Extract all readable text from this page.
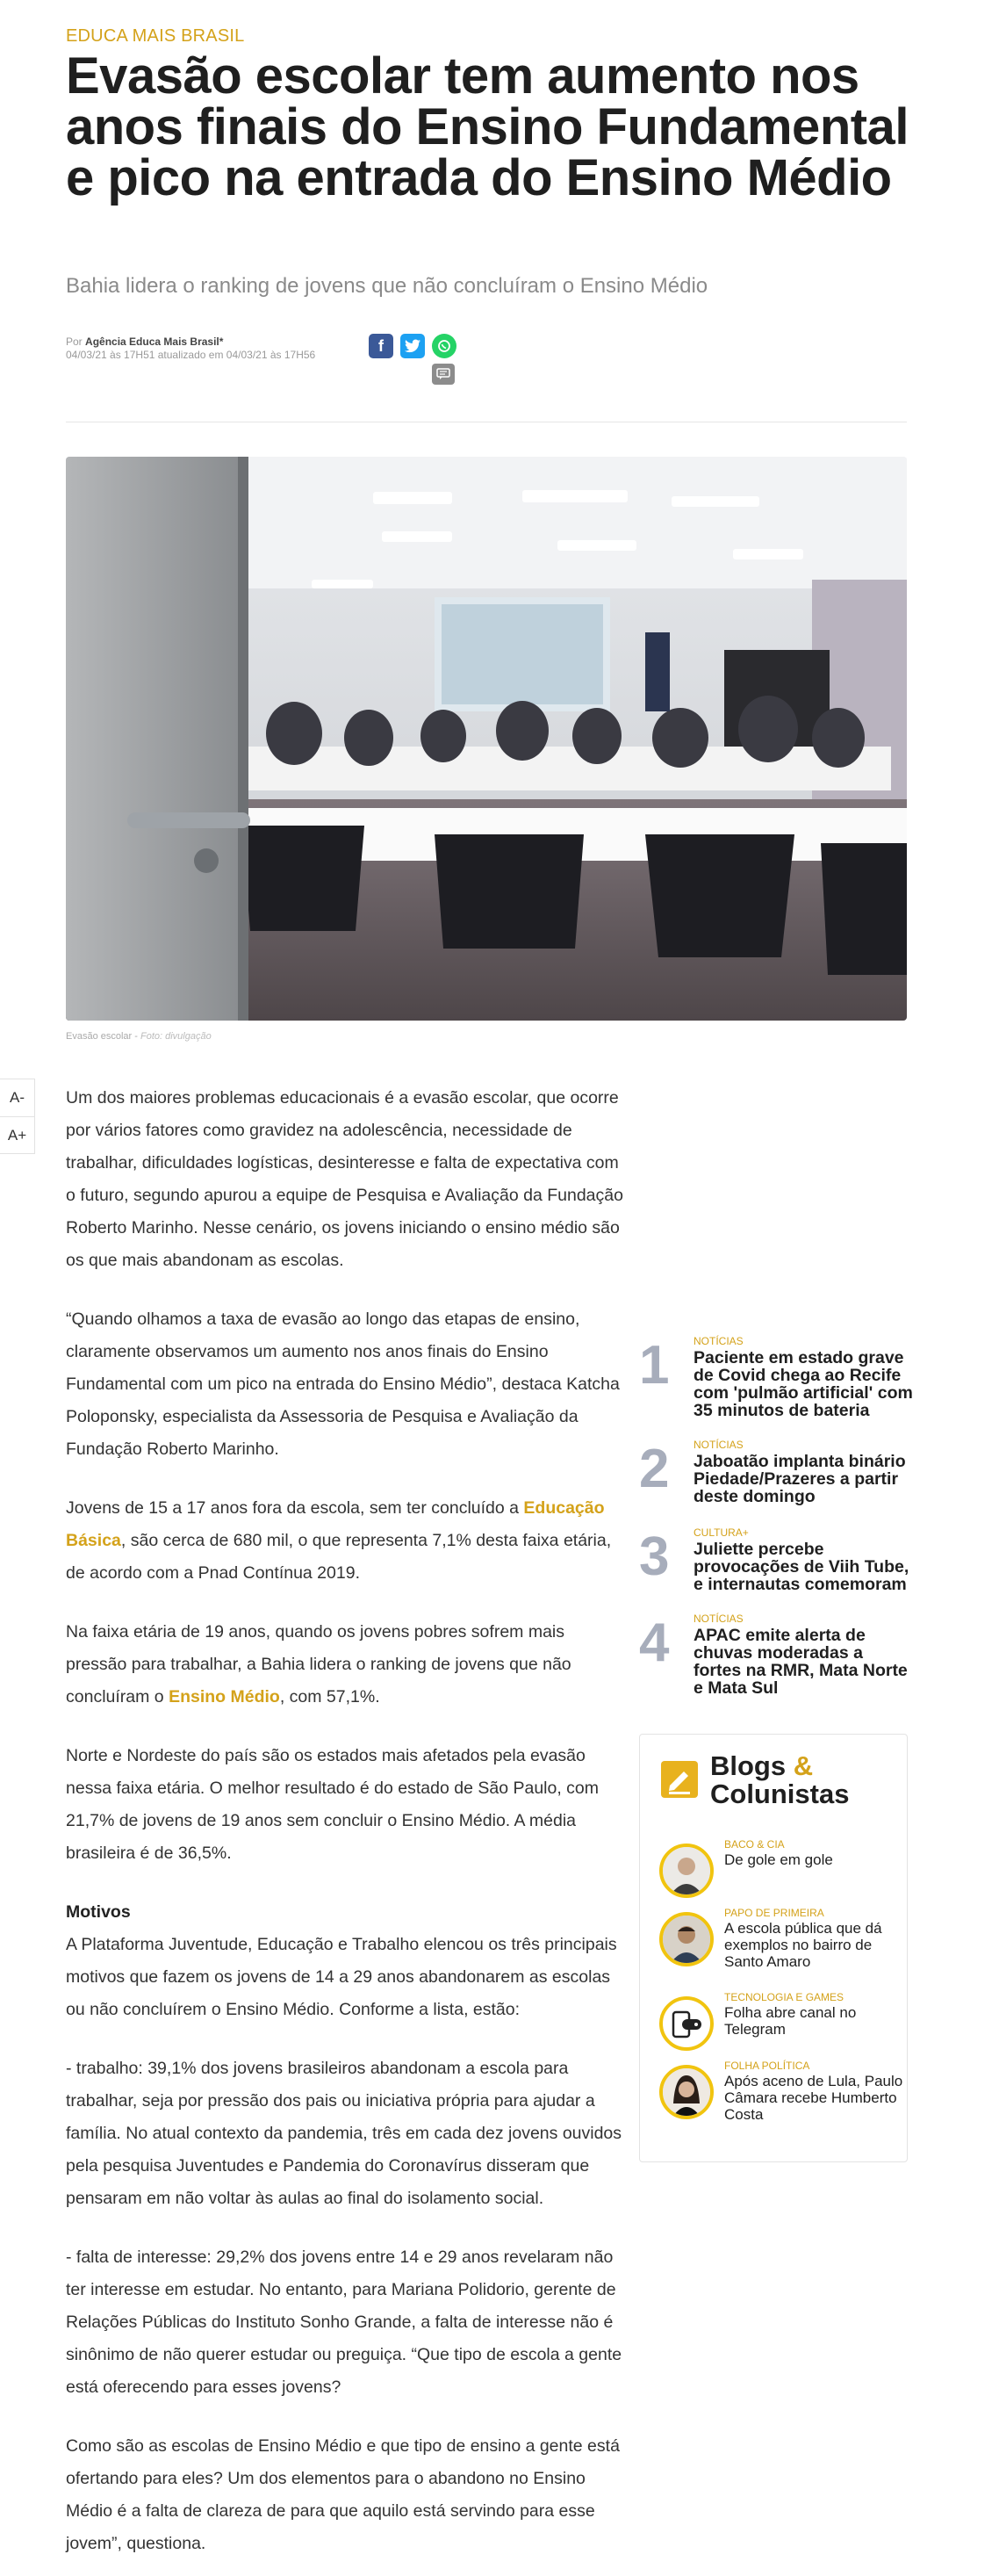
EDUCA MAIS BRASIL
Evasão escolar tem aumento nos anos finais do Ensino Fundamental e pico na entrada do Ensino Médio
Bahia lidera o ranking de jovens que não concluíram o Ensino Médio
Por Agência Educa Mais Brasil*
04/03/21 às 17H51 atualizado em 04/03/21 às 17H56
f
Evasão escolar - Foto: divulgação
A-
A+

Um dos maiores problemas educacionais é a evasão escolar, que ocorre por vários fatores como gravidez na adolescência, necessidade de trabalhar, dificuldades logísticas, desinteresse e falta de expectativa com o futuro, segundo apurou a equipe de Pesquisa e Avaliação da Fundação Roberto Marinho. Nesse cenário, os jovens iniciando o ensino médio são os que mais abandonam as escolas.

“Quando olhamos a taxa de evasão ao longo das etapas de ensino, claramente observamos um aumento nos anos finais do Ensino Fundamental com um pico na entrada do Ensino Médio”, destaca Katcha Poloponsky, especialista da Assessoria de Pesquisa e Avaliação da Fundação Roberto Marinho.

Jovens de 15 a 17 anos fora da escola, sem ter concluído a Educação Básica, são cerca de 680 mil, o que representa 7,1% desta faixa etária, de acordo com a Pnad Contínua 2019.

Na faixa etária de 19 anos, quando os jovens pobres sofrem mais pressão para trabalhar, a Bahia lidera o ranking de jovens que não concluíram o Ensino Médio, com 57,1%.

Norte e Nordeste do país são os estados mais afetados pela evasão nessa faixa etária. O melhor resultado é do estado de São Paulo, com 21,7% de jovens de 19 anos sem concluir o Ensino Médio. A média brasileira é de 36,5%.

Motivos

A Plataforma Juventude, Educação e Trabalho elencou os três principais motivos que fazem os jovens de 14 a 29 anos abandonarem as escolas ou não concluírem o Ensino Médio. Conforme a lista, estão:

- trabalho: 39,1% dos jovens brasileiros abandonam a escola para trabalhar, seja por pressão dos pais ou iniciativa própria para ajudar a família. No atual contexto da pandemia, três em cada dez jovens ouvidos pela pesquisa Juventudes e Pandemia do Coronavírus disseram que pensaram em não voltar às aulas ao final do isolamento social.

- falta de interesse: 29,2% dos jovens entre 14 e 29 anos revelaram não ter interesse em estudar. No entanto, para Mariana Polidorio, gerente de Relações Públicas do Instituto Sonho Grande, a falta de interesse não é sinônimo de não querer estudar ou preguiça. “Que tipo de escola a gente está oferecendo para esses jovens?

Como são as escolas de Ensino Médio e que tipo de ensino a gente está ofertando para eles? Um dos elementos para o abandono no Ensino Médio é a falta de clareza de para que aquilo está servindo para esse jovem”, questiona.

1	NOTÍCIAS
Paciente em estado grave de Covid chega ao Recife com 'pulmão artificial' com 35 minutos de bateria
2	NOTÍCIAS
Jaboatão implanta binário Piedade/Prazeres a partir deste domingo
3	CULTURA+
Juliette percebe provocações de Viih Tube, e internautas comemoram
4	NOTÍCIAS
APAC emite alerta de chuvas moderadas a fortes na RMR, Mata Norte e Mata Sul
Blogs &
Colunistas
BACO & CIA
De gole em gole
PAPO DE PRIMEIRA
A escola pública que dá exemplos no bairro de Santo Amaro
TECNOLOGIA E GAMES
Folha abre canal no Telegram
FOLHA POLÍTICA
Após aceno de Lula, Paulo Câmara recebe Humberto Costa
